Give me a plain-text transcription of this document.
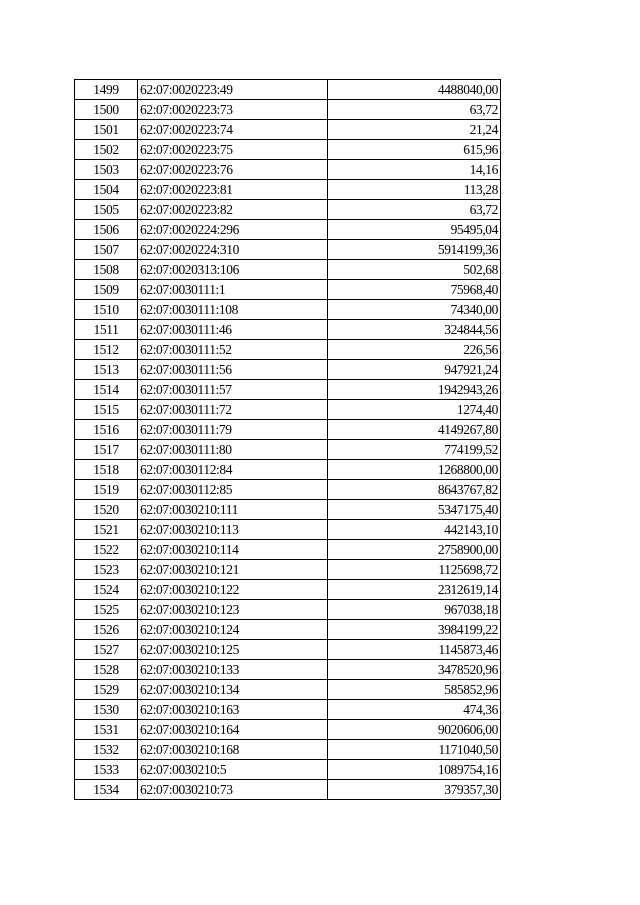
1499	62:07:0020223:49	4488040,00
1500	62:07:0020223:73	63,72
1501	62:07:0020223:74	21,24
1502	62:07:0020223:75	615,96
1503	62:07:0020223:76	14,16
1504	62:07:0020223:81	113,28
1505	62:07:0020223:82	63,72
1506	62:07:0020224:296	95495,04
1507	62:07:0020224:310	5914199,36
1508	62:07:0020313:106	502,68
1509	62:07:0030111:1	75968,40
1510	62:07:0030111:108	74340,00
1511	62:07:0030111:46	324844,56
1512	62:07:0030111:52	226,56
1513	62:07:0030111:56	947921,24
1514	62:07:0030111:57	1942943,26
1515	62:07:0030111:72	1274,40
1516	62:07:0030111:79	4149267,80
1517	62:07:0030111:80	774199,52
1518	62:07:0030112:84	1268800,00
1519	62:07:0030112:85	8643767,82
1520	62:07:0030210:111	5347175,40
1521	62:07:0030210:113	442143,10
1522	62:07:0030210:114	2758900,00
1523	62:07:0030210:121	1125698,72
1524	62:07:0030210:122	2312619,14
1525	62:07:0030210:123	967038,18
1526	62:07:0030210:124	3984199,22
1527	62:07:0030210:125	1145873,46
1528	62:07:0030210:133	3478520,96
1529	62:07:0030210:134	585852,96
1530	62:07:0030210:163	474,36
1531	62:07:0030210:164	9020606,00
1532	62:07:0030210:168	1171040,50
1533	62:07:0030210:5	1089754,16
1534	62:07:0030210:73	379357,30
